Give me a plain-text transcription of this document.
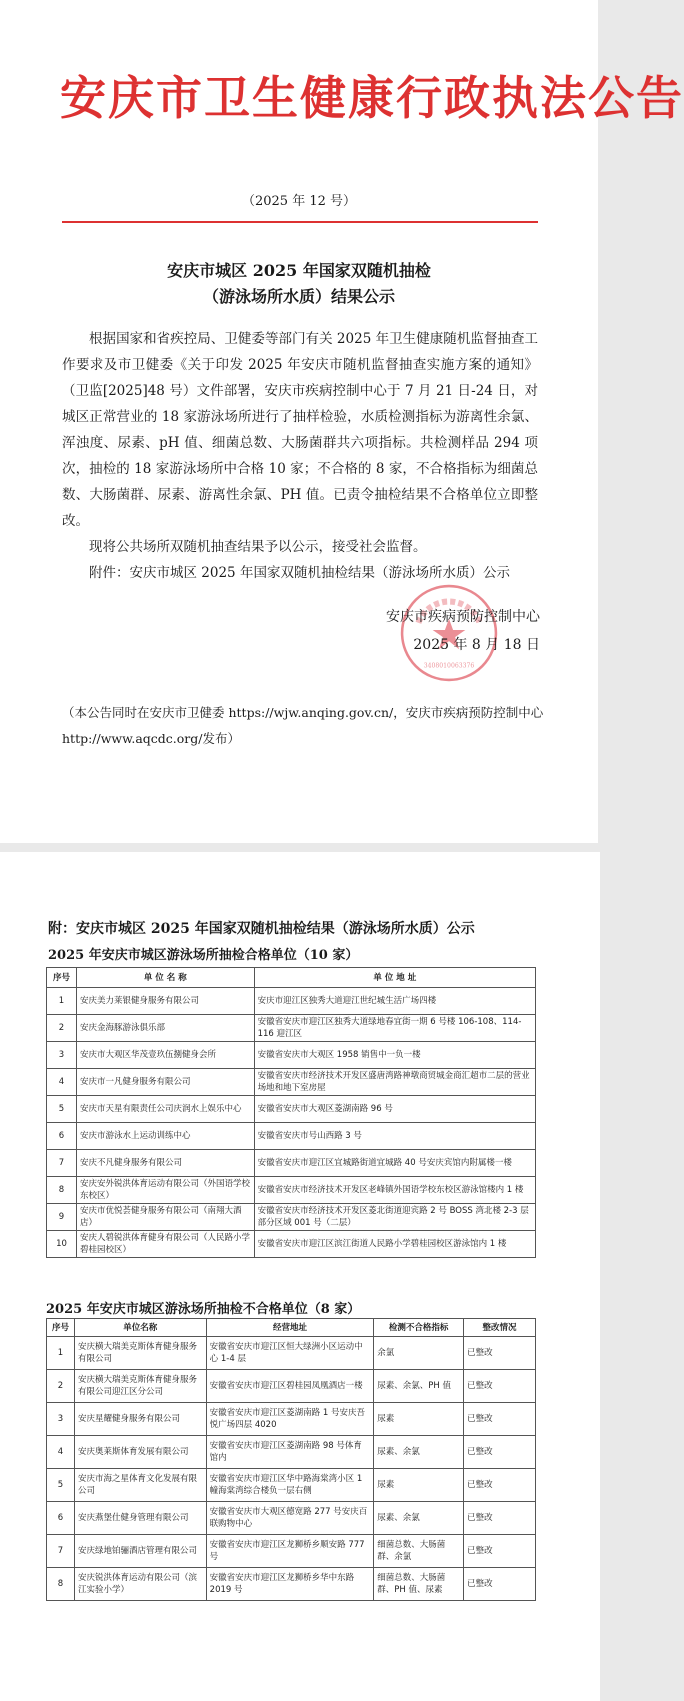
安庆市卫生健康行政执法公告
（2025 年 12 号）
安庆市城区 2025 年国家双随机抽检
（游泳场所水质）结果公示

根据国家和省疾控局、卫健委等部门有关 2025 年卫生健康随机监督抽查工作要求及市卫健委《关于印发 2025 年安庆市随机监督抽查实施方案的通知》（卫监[2025]48 号）文件部署，安庆市疾病控制中心于 7 月 21 日-24 日，对城区正常营业的 18 家游泳场所进行了抽样检验，水质检测指标为游离性余氯、浑浊度、尿素、pH 值、细菌总数、大肠菌群共六项指标。共检测样品 294 项次，抽检的 18 家游泳场所中合格 10 家；不合格的 8 家，不合格指标为细菌总数、大肠菌群、尿素、游离性余氯、PH 值。已责令抽检结果不合格单位立即整改。

现将公共场所双随机抽查结果予以公示，接受社会监督。

附件：安庆市城区 2025 年国家双随机抽检结果（游泳场所水质）公示

3408010063376
安庆市疾病预防控制中心
2025 年 8 月 18 日
（本公告同时在安庆市卫健委 https://wjw.anqing.gov.cn/，安庆市疾病预防控制中心 http://www.aqcdc.org/发布）
附：安庆市城区 2025 年国家双随机抽检结果（游泳场所水质）公示
2025 年安庆市城区游泳场所抽检合格单位（10 家）
序号	单 位 名 称	单 位 地 址
1	安庆美力莱银健身服务有限公司	安庆市迎江区独秀大道迎江世纪城生活广场四楼
2	安庆金海豚游泳俱乐部	安徽省安庆市迎江区独秀大道绿地春宜街一期 6 号楼 106-108、114-116 迎江区
3	安庆市大观区华茂壹玖伍捌健身会所	安徽省安庆市大观区 1958 销售中一负一楼
4	安庆市一凡健身服务有限公司	安徽省安庆市经济技术开发区盛唐湾路神墩商贸城金商汇超市二层的营业场地和地下室房屋
5	安庆市天星有限责任公司庆润水上娱乐中心	安徽省安庆市大观区菱湖南路 96 号
6	安庆市游泳水上运动训练中心	安徽省安庆市号山西路 3 号
7	安庆不凡健身服务有限公司	安徽省安庆市迎江区宜城路街道宜城路 40 号安庆宾馆内附属楼一楼
8	安庆安外锐洪体育运动有限公司（外国语学校东校区）	安徽省安庆市经济技术开发区老峰镇外国语学校东校区游泳馆楼内 1 楼
9	安庆市优悦荟健身服务有限公司（南翔大酒店）	安徽省安庆市经济技术开发区菱北街道迎宾路 2 号 BOSS 湾北楼 2-3 层部分区域 001 号（二层）
10	安庆人碧锐洪体育健身有限公司（人民路小学碧桂园校区）	安徽省安庆市迎江区滨江街道人民路小学碧桂园校区游泳馆内 1 楼
2025 年安庆市城区游泳场所抽检不合格单位（8 家）
序号	单位名称	经营地址	检测不合格指标	整改情况
1	安庆横大瑞美克斯体育健身服务有限公司	安徽省安庆市迎江区恒大绿洲小区运动中心 1-4 层	余氯	已整改
2	安庆横大瑞美克斯体育健身服务有限公司迎江区分公司	安徽省安庆市迎江区碧桂园凤凰酒店一楼	尿素、余氯、PH 值	已整改
3	安庆星耀健身服务有限公司	安徽省安庆市迎江区菱湖南路 1 号安庆吾悦广场四层 4020	尿素	已整改
4	安庆奥莱斯体育发展有限公司	安徽省安庆市迎江区菱湖南路 98 号体育馆内	尿素、余氯	已整改
5	安庆市海之星体育文化发展有限公司	安徽省安庆市迎江区华中路海棠湾小区 1 幢海棠湾综合楼负一层右侧	尿素	已整改
6	安庆燕堡仕健身管理有限公司	安徽省安庆市大观区德宽路 277 号安庆百联购物中心	尿素、余氯	已整改
7	安庆绿地铂骊酒店管理有限公司	安徽省安庆市迎江区龙狮桥乡顺安路 777 号	细菌总数、大肠菌群、余氯	已整改
8	安庆锐洪体育运动有限公司（滨江实验小学）	安徽省安庆市迎江区龙狮桥乡华中东路 2019 号	细菌总数、大肠菌群、PH 值、尿素	已整改
